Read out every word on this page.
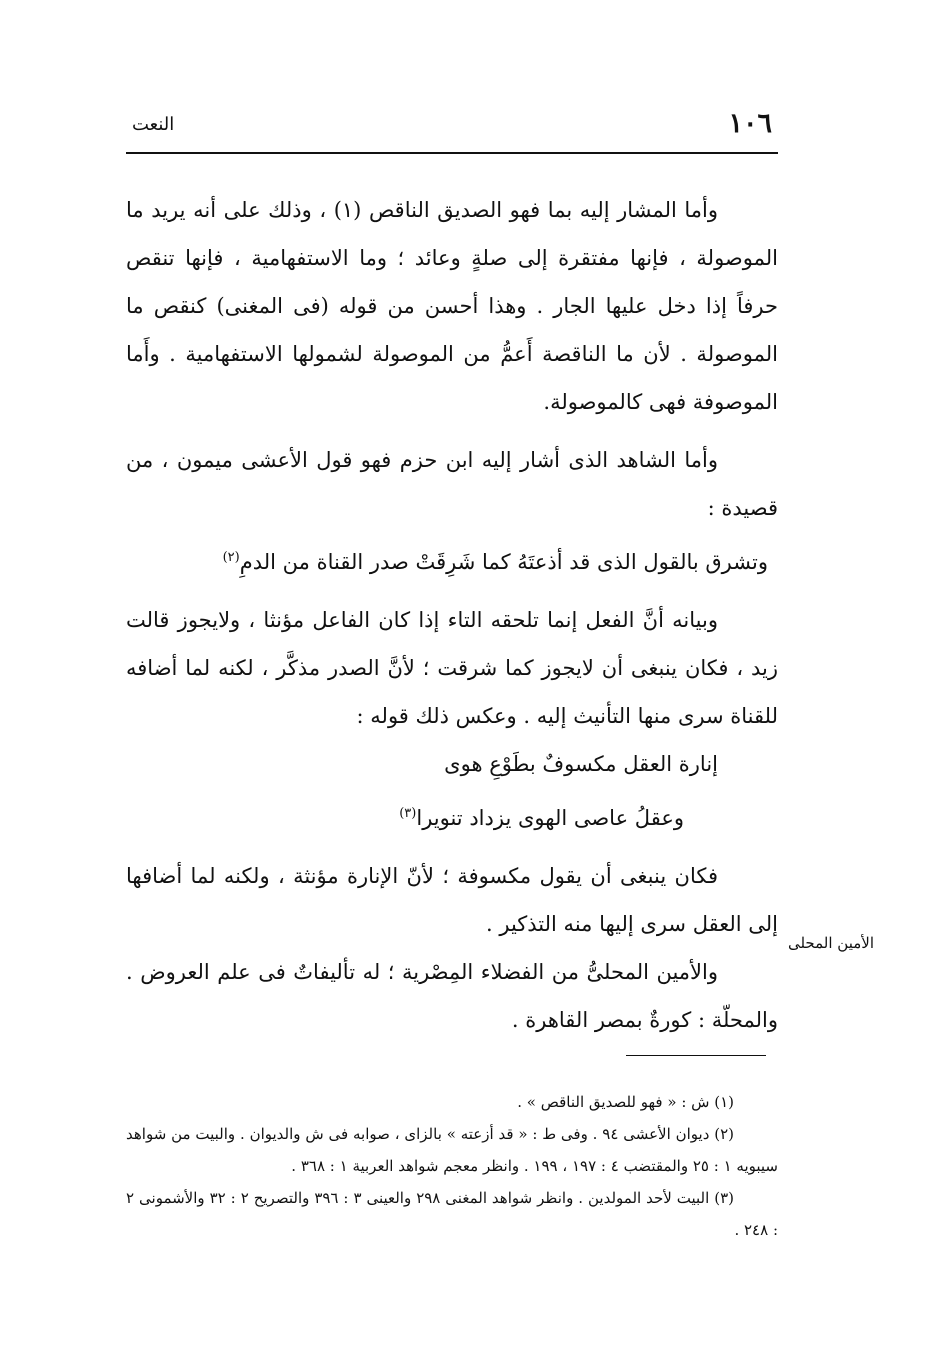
١٠٦
النعت

وأما المشار إليه بما فهو الصديق الناقص (١) ، وذلك على أنه يريد ما الموصولة ، فإنها مفتقرة إلى صلةٍ وعائد ؛ وما الاستفهامية ، فإنها تنقص حرفاً إذا دخل عليها الجار . وهذا أحسن من قوله (فى المغنى) كنقص ما الموصولة . لأن ما الناقصة أَعمُّ من الموصولة لشمولها الاستفهامية . وأَما الموصوفة فهى كالموصولة.

وأما الشاهد الذى أشار إليه ابن حزم فهو قول الأعشى ميمون ، من قصيدة :

وتشرق بالقول الذى قد أذعتَهُ كما شَرِقَتْ صدر القناة من الدمِ$^{(٢)}$

وبيانه أنَّ الفعل إنما تلحقه التاء إذا كان الفاعل مؤنثا ، ولايجوز قالت زيد ، فكان ينبغى أن لايجوز كما شرقت ؛ لأنَّ الصدر مذكَّر ، لكنه لما أضافه للقناة سرى منها التأنيث إليه . وعكس ذلك قوله :

إنارة العقل مكسوفٌ بطَوْعِ هوى

وعقلُ عاصى الهوى يزداد تنويرا$^{(٣)}$

فكان ينبغى أن يقول مكسوفة ؛ لأنّ الإنارة مؤنثة ، ولكنه لما أضافها إلى العقل سرى إليها منه التذكير .

والأمين المحلىُّ من الفضلاء المِصْرية ؛ له تأليفاتٌ فى علم العروض . والمحلّة : كورةٌ بمصر القاهرة .

الأمين المحلى

(١) ش : « فهو للصديق الناقص » .

(٢) ديوان الأعشى ٩٤ . وفى ط : « قد أزعته » بالزاى ، صوابه فى ش والديوان . والبيت من شواهد سيبويه ١ : ٢٥ والمقتضب ٤ : ١٩٧ ، ١٩٩ . وانظر معجم شواهد العربية ١ : ٣٦٨ .

(٣) البيت لأحد المولدين . وانظر شواهد المغنى ٢٩٨ والعينى ٣ : ٣٩٦ والتصريح ٢ : ٣٢ والأشمونى ٢ : ٢٤٨ .
